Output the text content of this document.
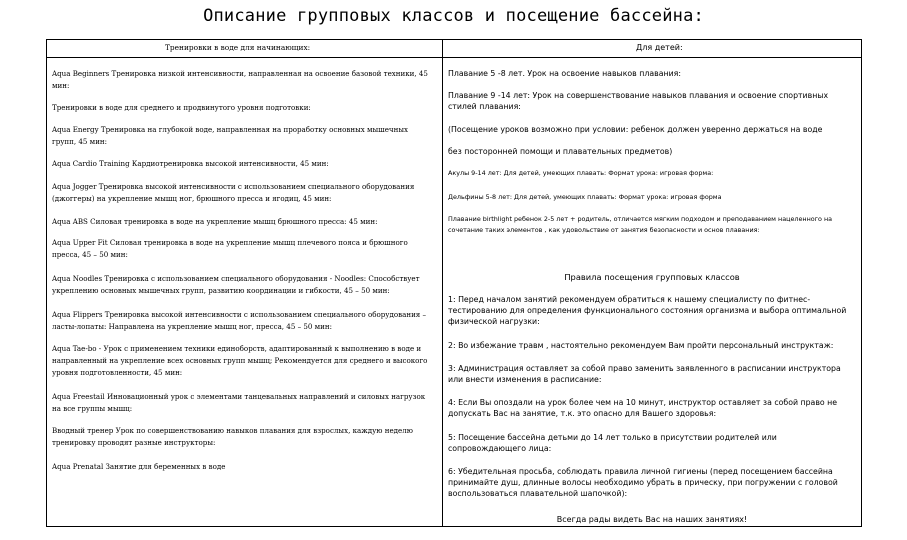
Описание групповых классов и посещение бассейна:
Тренировки в воде для начинающих:	Для детей:
Aqua Beginners Тренировка низкой интенсивности, направленная на освоение базовой техники, 45 мин:
Тренировки в воде для среднего и продвинутого уровня подготовки:
Aqua Energy Тренировка на глубокой воде, направленная на проработку основных мышечных групп, 45 мин:
Aqua Cardio Training Кардиотренировка высокой интенсивности, 45 мин:
Aqua Jogger Тренировка высокой интенсивности с использованием специального оборудования (джоггеры) на укрепление мышц ног, брюшного пресса и ягодиц, 45 мин:
Aqua ABS Силовая тренировка в воде на укрепление мышц брюшного пресса: 45 мин:
Aqua Upper Fit Силовая тренировка в воде на укрепление мышц плечевого пояса и брюшного пресса, 45 – 50 мин:
Aqua Noodles Тренировка с использованием специального оборудования - Noodles: Способствует укреплению основных мышечных групп, развитию координации и гибкости, 45 – 50 мин:
Aqua Flippers Тренировка высокой интенсивности с использованием специального оборудования – ласты-лопаты: Направлена на укрепление мышц ног, пресса, 45 – 50 мин:
Aqua Tae-bo - Урок с применением техники единоборств, адаптированный к выполнению в воде и направленный на укрепление всех основных групп мышц; Рекомендуется для среднего и высокого уровня подготовленности, 45 мин:
Aqua Freestail Инновационный урок с элементами танцевальных направлений и силовых нагрузок на все группы мышц:
Вводный тренер Урок по совершенствованию навыков плавания для взрослых, каждую неделю тренировку проводят разные инструкторы:
Aqua Prenatal Занятие для беременных в воде
Плавание 5 -8 лет. Урок на освоение навыков плавания:
Плавание 9 -14 лет: Урок на совершенствование навыков плавания и освоение спортивных стилей плавания:
(Посещение уроков возможно при условии: ребенок должен уверенно держаться на воде
без посторонней помощи и плавательных предметов)
Акулы 9-14 лет: Для детей, умеющих плавать: Формат урока: игровая форма:
Дельфины 5-8 лет: Для детей, умеющих плавать: Формат урока: игровая форма
Плавание birthlight ребенок 2-5 лет + родитель, отличается мягким подходом и преподаванием нацеленного на сочетание таких элементов , как удовольствие от занятия безопасности и основ плавания:
Правила посещения групповых классов
1: Перед началом занятий рекомендуем обратиться к нашему специалисту по фитнес-тестированию для определения функционального состояния организма и выбора оптимальной физической нагрузки:
2: Во избежание травм , настоятельно рекомендуем Вам пройти персональный инструктаж:
3: Администрация оставляет за собой право заменить заявленного в расписании инструктора или внести изменения в расписание:
4: Если Вы опоздали на урок более чем на 10 минут, инструктор оставляет за собой право не допускать Вас на занятие, т.к. это опасно для Вашего здоровья:
5: Посещение бассейна детьми до 14 лет только в присутствии родителей или сопровождающего лица:
6: Убедительная просьба, соблюдать правила личной гигиены (перед посещением бассейна принимайте душ, длинные волосы необходимо убрать в прическу, при погружении с головой воспользоваться плавательной шапочкой):
Всегда рады видеть Вас на наших занятиях!
